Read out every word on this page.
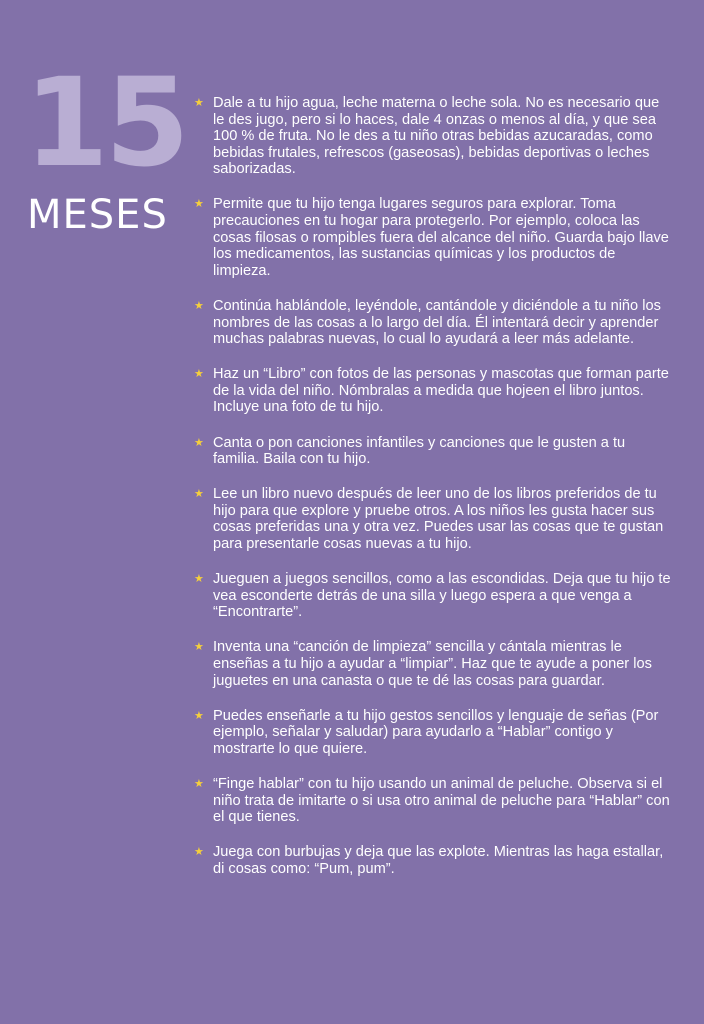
15
MESES
★ Dale a tu hijo agua, leche materna o leche sola. No es necesario que le des jugo, pero si lo haces, dale 4 onzas o menos al día, y que sea 100 % de fruta. No le des a tu niño otras bebidas azucaradas, como bebidas frutales, refrescos (gaseosas), bebidas deportivas o leches saborizadas.
★ Permite que tu hijo tenga lugares seguros para explorar. Toma precauciones en tu hogar para protegerlo. Por ejemplo, coloca las cosas filosas o rompibles fuera del alcance del niño. Guarda bajo llave los medicamentos, las sustancias químicas y los productos de limpieza.
★ Continúa hablándole, leyéndole, cantándole y diciéndole a tu niño los nombres de las cosas a lo largo del día. Él intentará decir y aprender muchas palabras nuevas, lo cual lo ayudará a leer más adelante.
★ Haz un “Libro” con fotos de las personas y mascotas que forman parte de la vida del niño. Nómbralas a medida que hojeen el libro juntos. Incluye una foto de tu hijo.
★ Canta o pon canciones infantiles y canciones que le gusten a tu familia. Baila con tu hijo.
★ Lee un libro nuevo después de leer uno de los libros preferidos de tu hijo para que explore y pruebe otros. A los niños les gusta hacer sus cosas preferidas una y otra vez. Puedes usar las cosas que te gustan para presentarle cosas nuevas a tu hijo.
★ Jueguen a juegos sencillos, como a las escondidas. Deja que tu hijo te vea esconderte detrás de una silla y luego espera a que venga a “Encontrarte”.
★ Inventa una “canción de limpieza” sencilla y cántala mientras le enseñas a tu hijo a ayudar a “limpiar”. Haz que te ayude a poner los juguetes en una canasta o que te dé las cosas para guardar.
★ Puedes enseñarle a tu hijo gestos sencillos y lenguaje de señas (Por ejemplo, señalar y saludar) para ayudarlo a “Hablar” contigo y mostrarte lo que quiere.
★ “Finge hablar” con tu hijo usando un animal de peluche. Observa si el niño trata de imitarte o si usa otro animal de peluche para “Hablar” con el que tienes.
★ Juega con burbujas y deja que las explote. Mientras las haga estallar, di cosas como: “Pum, pum”.
